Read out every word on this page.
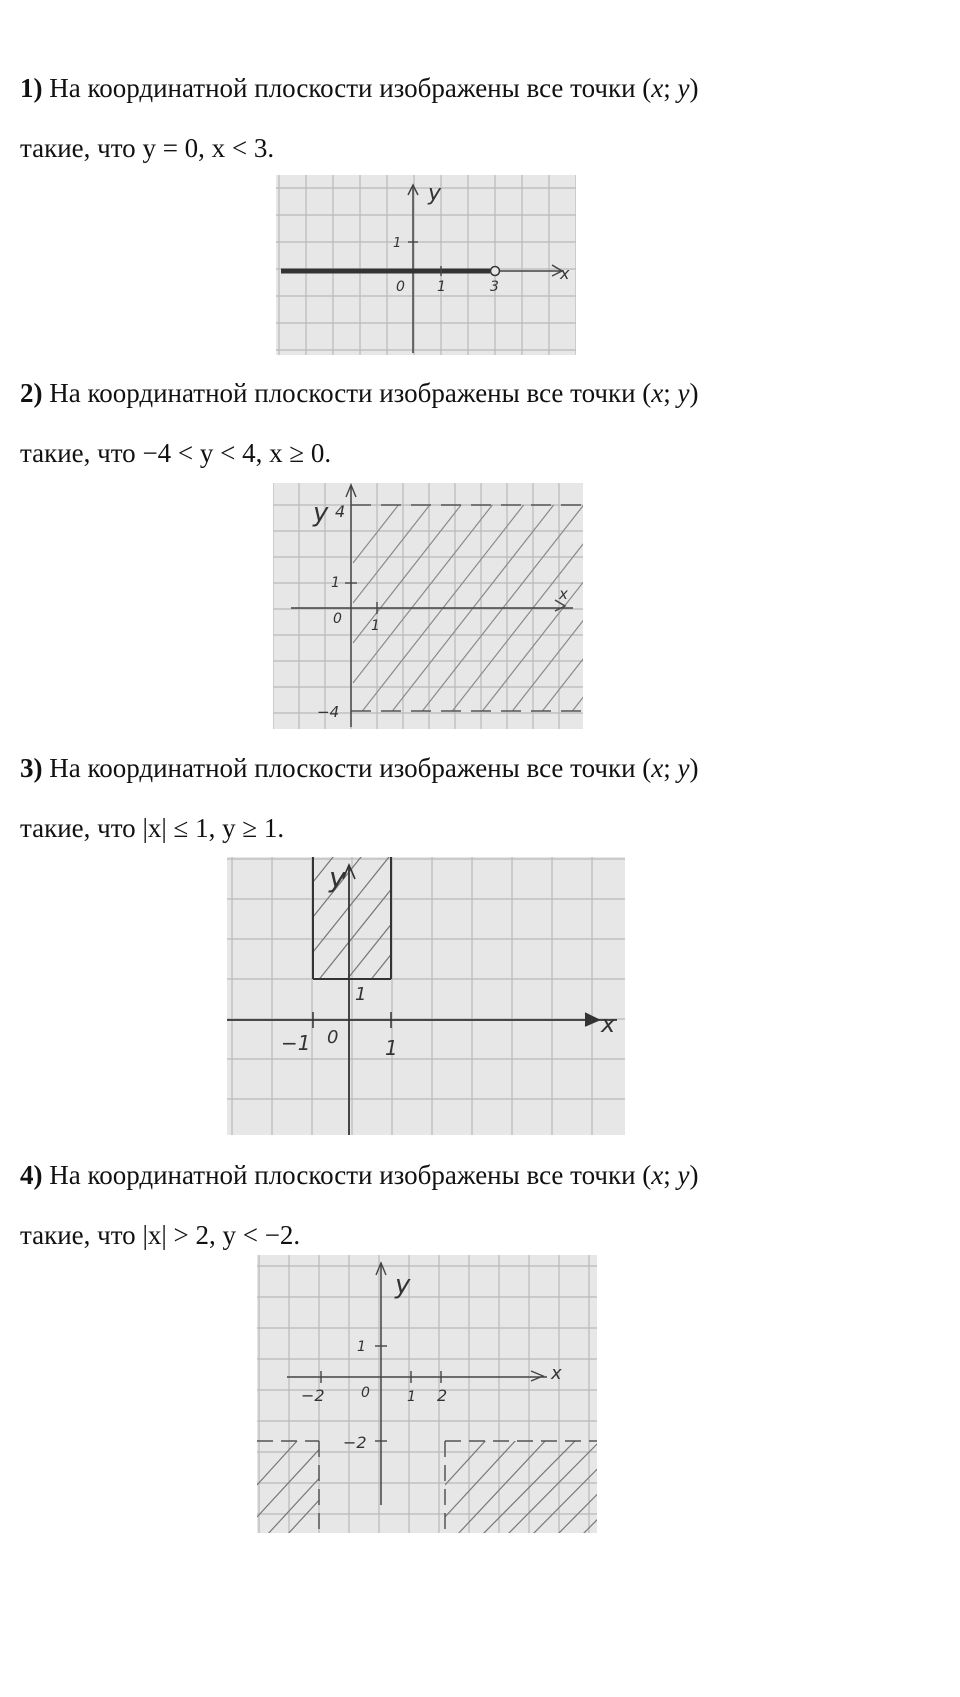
1) На координатной плоскости изображены все точки (x; y)
такие, что y = 0, x < 3.
y
x
1
0 1	3
2) На координатной плоскости изображены все точки (x; y)
такие, что −4 < y < 4, x ≥ 0.
y
x
4
1
0 1
−4
3) На координатной плоскости изображены все точки (x; y)
такие, что |x| ≤ 1, y ≥ 1.
y
x
1
−1 0 1
4) На координатной плоскости изображены все точки (x; y)
такие, что |x| > 2, y < −2.
y
x
1
−2	0	1 2
−2
